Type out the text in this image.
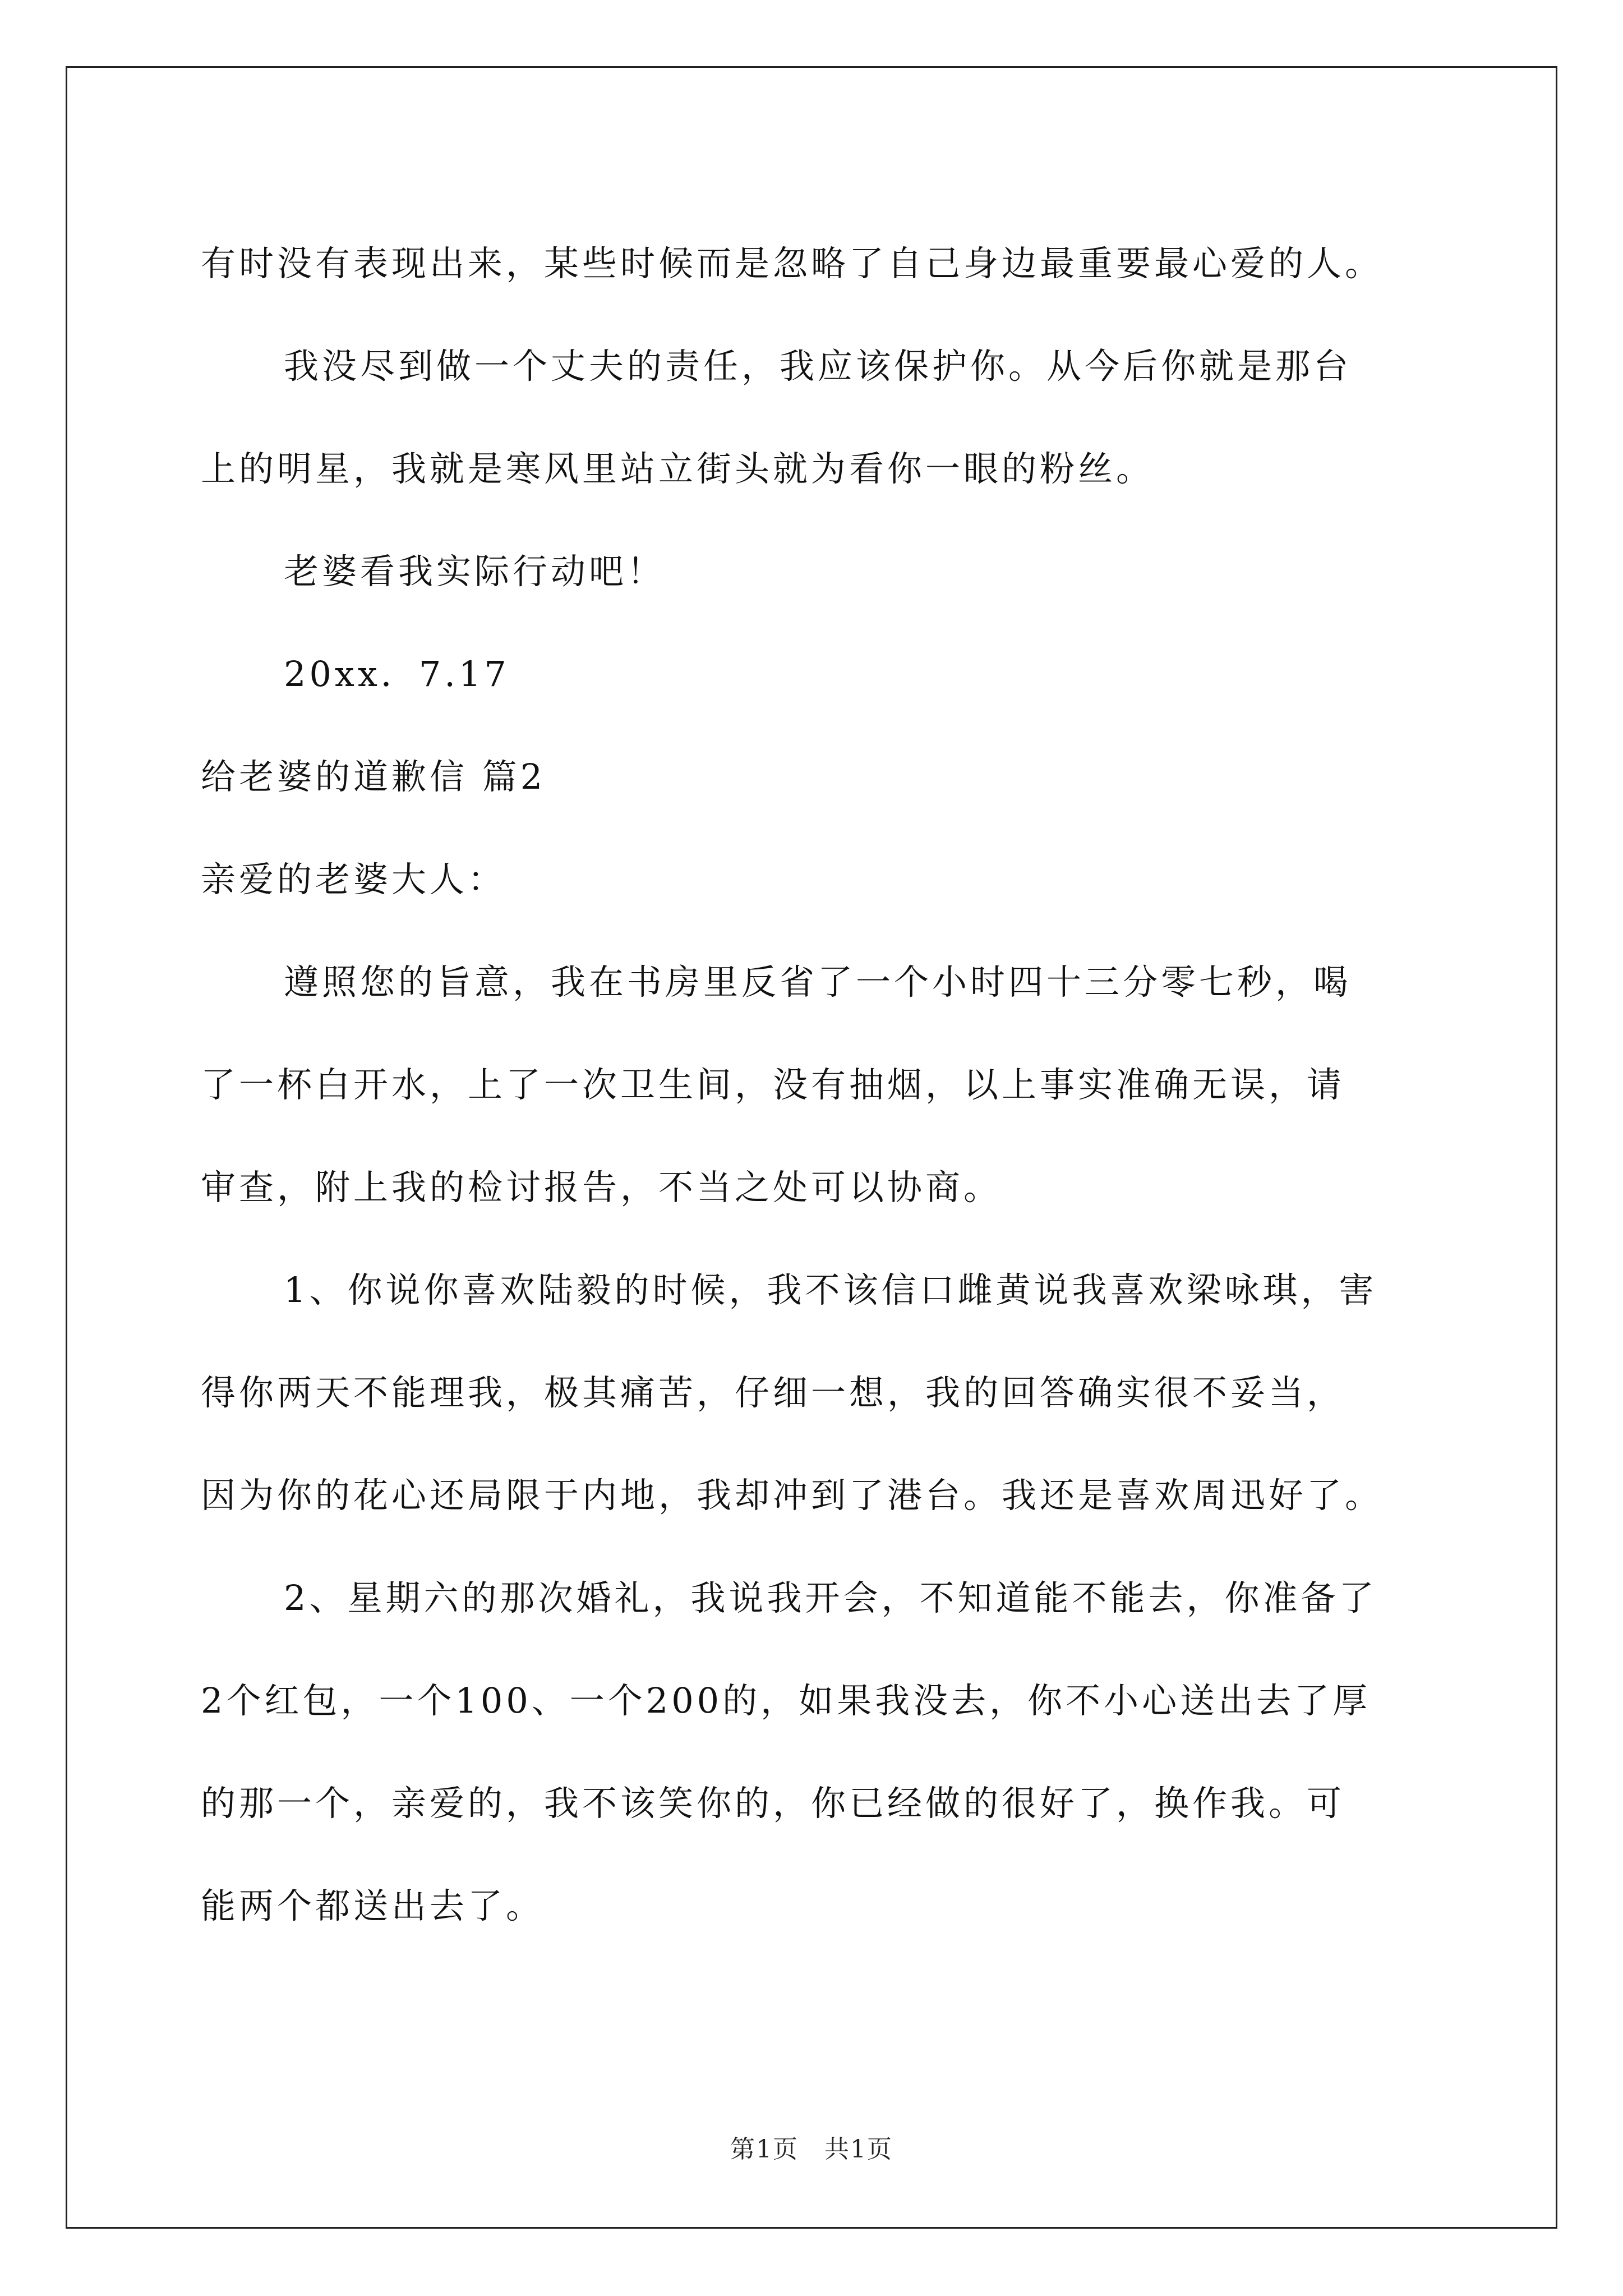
有时没有表现出来，某些时候而是忽略了自己身边最重要最心爱的人。

我没尽到做一个丈夫的责任，我应该保护你。从今后你就是那台

上的明星，我就是寒风里站立街头就为看你一眼的粉丝。

老婆看我实际行动吧！

20xx．7.17

给老婆的道歉信 篇2

亲爱的老婆大人：

遵照您的旨意，我在书房里反省了一个小时四十三分零七秒，喝

了一杯白开水，上了一次卫生间，没有抽烟，以上事实准确无误，请

审查，附上我的检讨报告，不当之处可以协商。

1、你说你喜欢陆毅的时候，我不该信口雌黄说我喜欢梁咏琪，害

得你两天不能理我，极其痛苦，仔细一想，我的回答确实很不妥当，

因为你的花心还局限于内地，我却冲到了港台。我还是喜欢周迅好了。

2、星期六的那次婚礼，我说我开会，不知道能不能去，你准备了

2个红包，一个100、一个200的，如果我没去，你不小心送出去了厚

的那一个，亲爱的，我不该笑你的，你已经做的很好了，换作我。可

能两个都送出去了。

第1页　共1页
